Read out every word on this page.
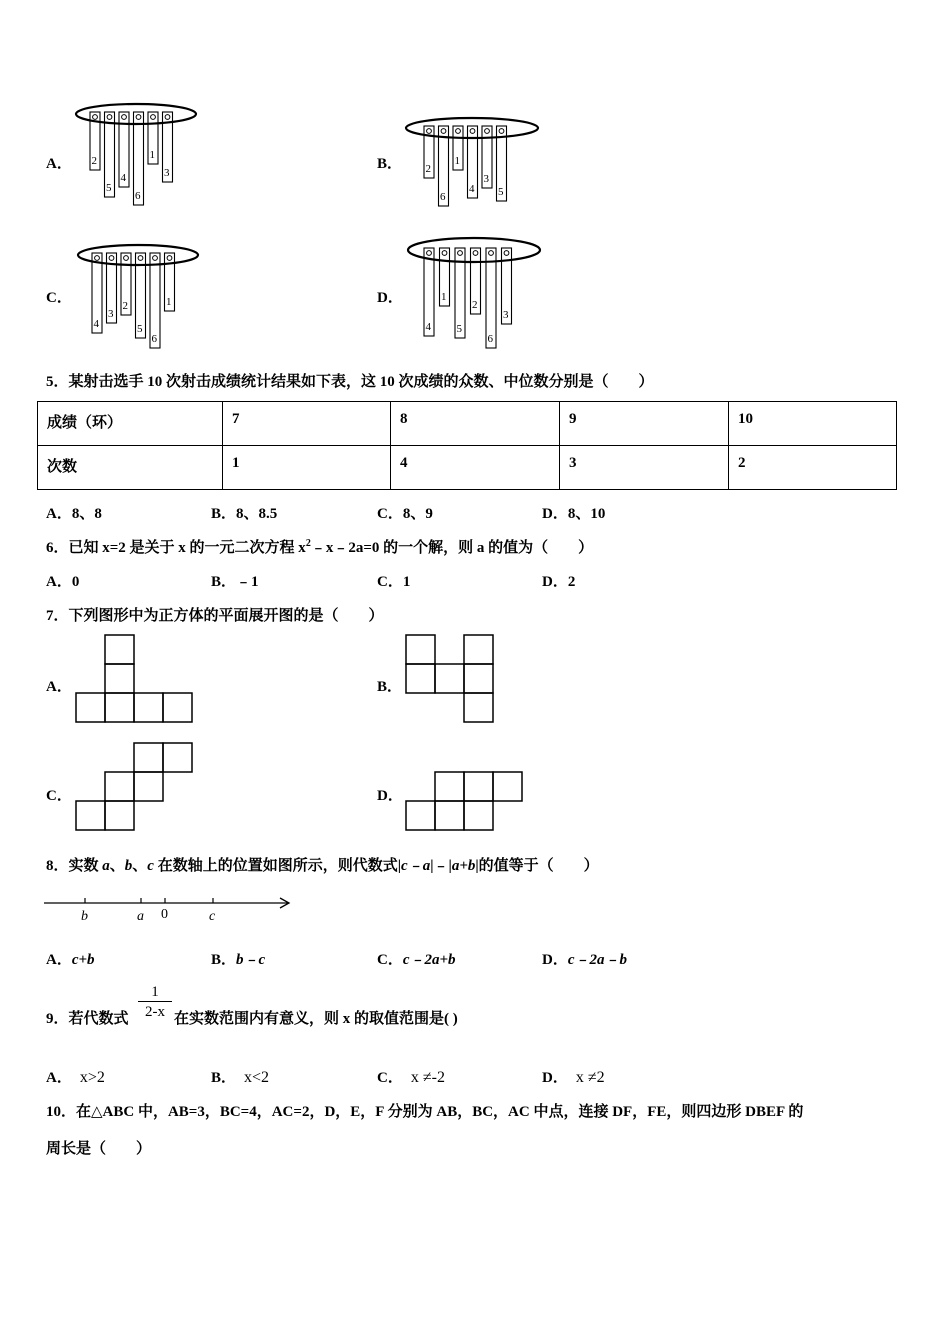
A．	B．
C．	D．
2
5
4
6
1
3	2
6
1
4
3
5
4
3
2
5
6
1
4
1
5
2
6
3
5．某射击选手 10 次射击成绩统计结果如下表，这 10 次成绩的众数、中位数分别是（　　）
成绩（环）	7	8	9	10
次数	1	4	3	2
A．8、8	B．8、8.5	C．8、9	D．8、10
6．已知 x=2 是关于 x 的一元二次方程 $x^2﹣x﹣2a=0$ 的一个解，则 a 的值为（　　）
A．0	B．﹣1	C．1	D．2
7．下列图形中为正方体的平面展开图的是（　　）
A．	B．
C．	D．
8．实数 a、b、c 在数轴上的位置如图所示，则代数式|c﹣a|﹣|a+b|的值等于（　　）
b	a 0	c
A．c+b	B．b﹣c	C．c﹣2a+b	D．c﹣2a﹣b
9．若代数式 $\frac{1}{2-x}$ 在实数范围内有意义，则 x 的取值范围是( )
A． x>2	B． x<2	C． x ≠-2	D． x ≠2
10．在△ABC 中，AB=3，BC=4，AC=2，D，E，F 分别为 AB，BC，AC 中点，连接 DF，FE，则四边形 DBEF 的
周长是（　　）
